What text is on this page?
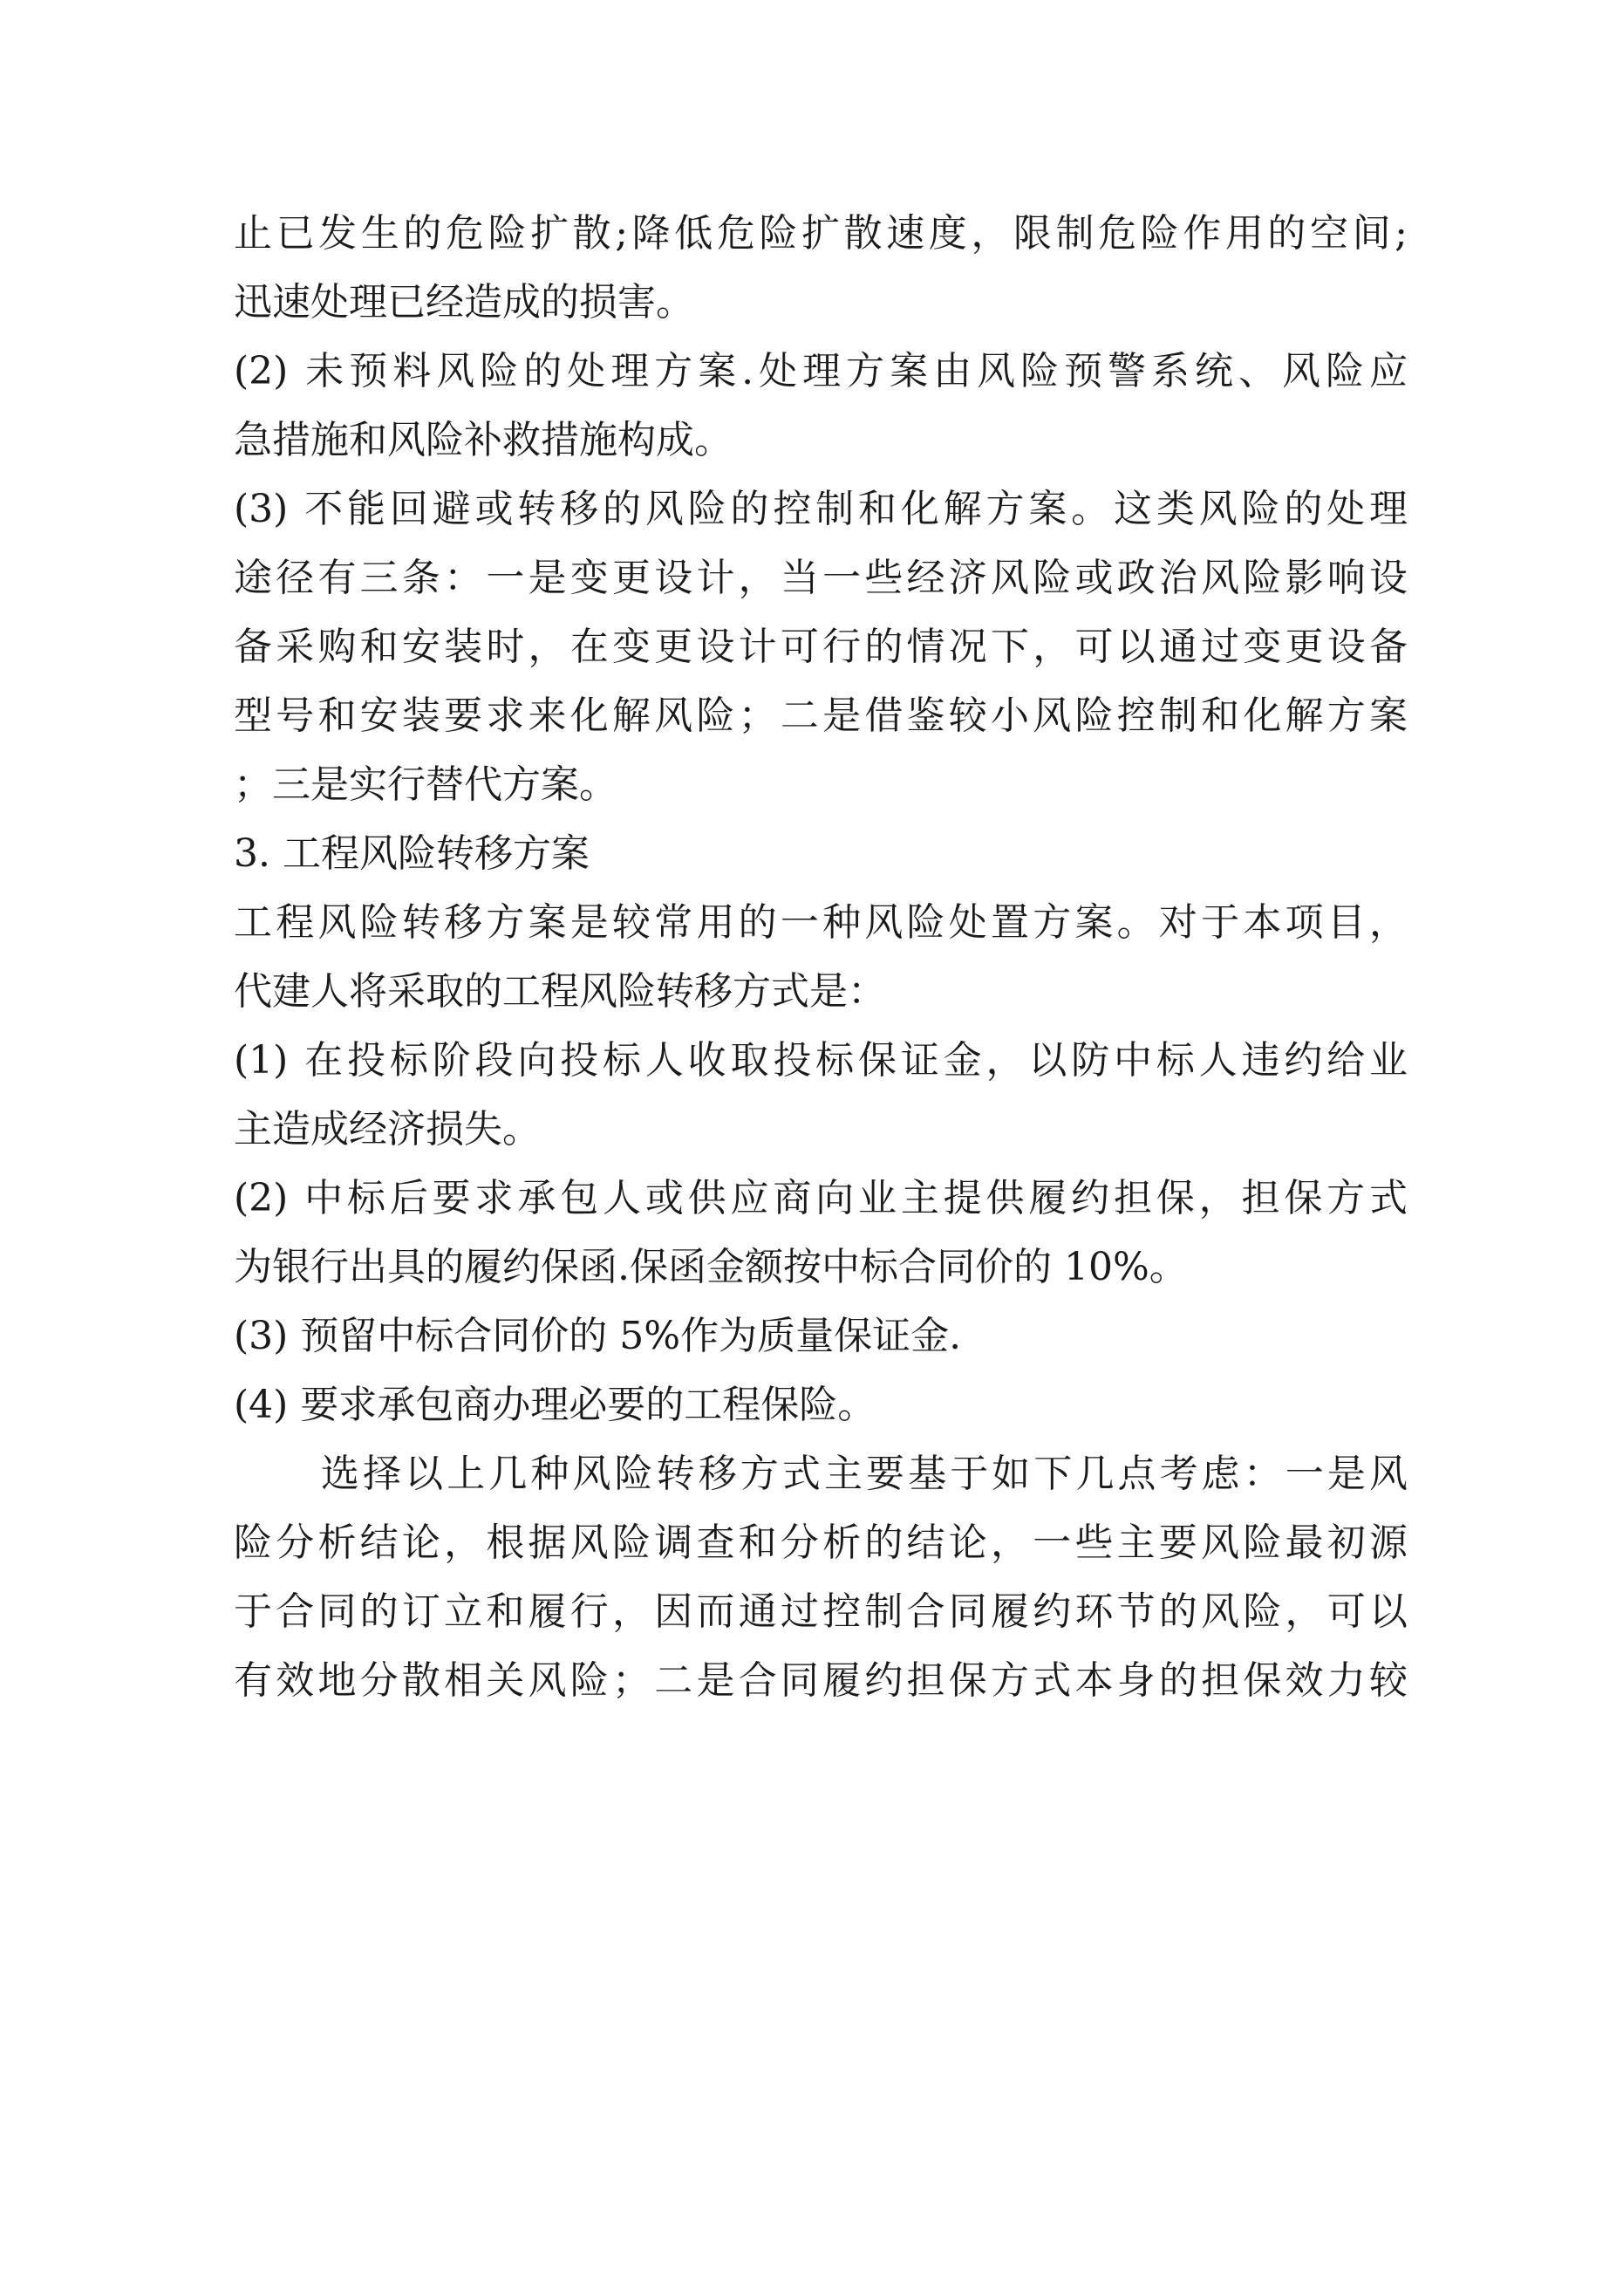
止已发生的危险扩散;降低危险扩散速度，限制危险作用的空间;
迅速处理已经造成的损害。

(2) 未预料风险的处理方案.处理方案由风险预警系统、风险应
急措施和风险补救措施构成。

(3) 不能回避或转移的风险的控制和化解方案。这类风险的处理
途径有三条：一是变更设计，当一些经济风险或政治风险影响设
备采购和安装时，在变更设计可行的情况下，可以通过变更设备
型号和安装要求来化解风险；二是借鉴较小风险控制和化解方案
；三是实行替代方案。

3. 工程风险转移方案

工程风险转移方案是较常用的一种风险处置方案。对于本项目，
代建人将采取的工程风险转移方式是：

(1) 在投标阶段向投标人收取投标保证金，以防中标人违约给业
主造成经济损失。

(2) 中标后要求承包人或供应商向业主提供履约担保，担保方式
为银行出具的履约保函.保函金额按中标合同价的 10%。

(3) 预留中标合同价的 5%作为质量保证金.

(4) 要求承包商办理必要的工程保险。

选择以上几种风险转移方式主要基于如下几点考虑：一是风
险分析结论，根据风险调查和分析的结论，一些主要风险最初源
于合同的订立和履行，因而通过控制合同履约环节的风险，可以
有效地分散相关风险；二是合同履约担保方式本身的担保效力较
